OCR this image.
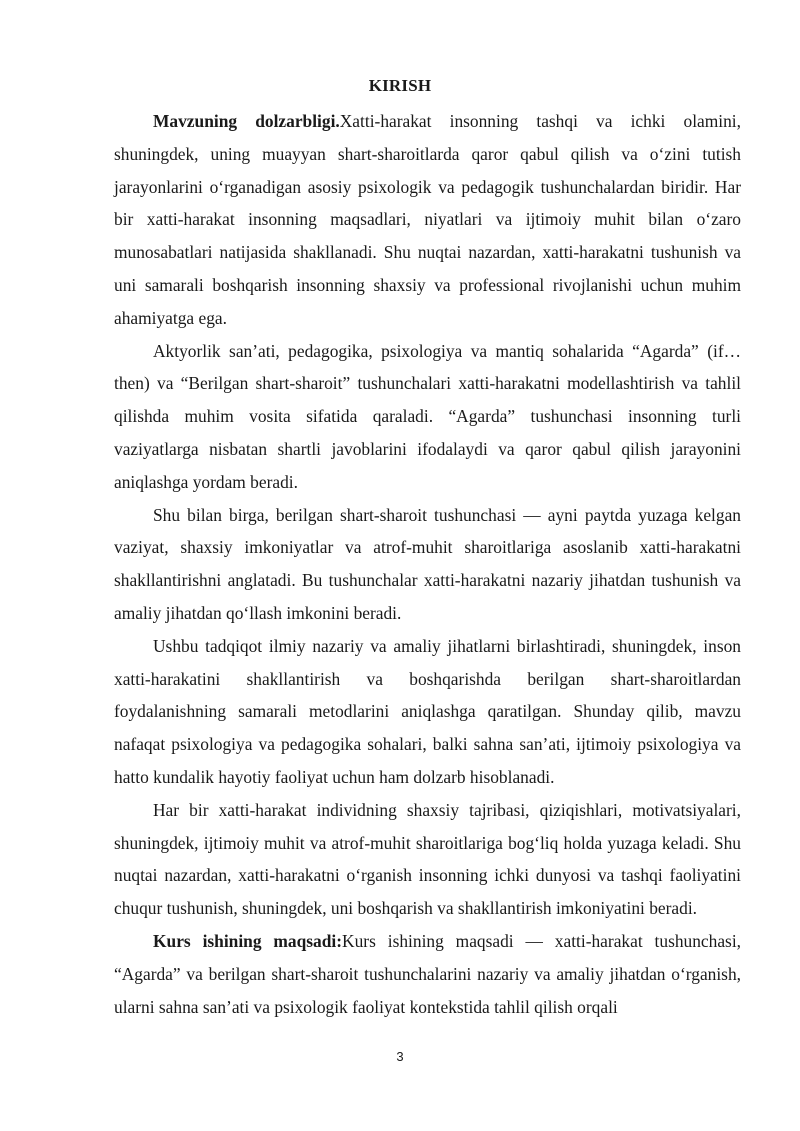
KIRISH

Mavzuning dolzarbligi.Xatti-harakat insonning tashqi va ichki olamini, shuningdek, uning muayyan shart-sharoitlarda qaror qabul qilish va o‘zini tutish jarayonlarini o‘rganadigan asosiy psixologik va pedagogik tushunchalardan biridir. Har bir xatti-harakat insonning maqsadlari, niyatlari va ijtimoiy muhit bilan o‘zaro munosabatlari natijasida shakllanadi. Shu nuqtai nazardan, xatti-harakatni tushunish va uni samarali boshqarish insonning shaxsiy va professional rivojlanishi uchun muhim ahamiyatga ega.

Aktyorlik san’ati, pedagogika, psixologiya va mantiq sohalarida “Agarda” (if… then) va “Berilgan shart-sharoit” tushunchalari xatti-harakatni modellashtirish va tahlil qilishda muhim vosita sifatida qaraladi. “Agarda” tushunchasi insonning turli vaziyatlarga nisbatan shartli javoblarini ifodalaydi va qaror qabul qilish jarayonini aniqlashga yordam beradi.

Shu bilan birga, berilgan shart-sharoit tushunchasi — ayni paytda yuzaga kelgan vaziyat, shaxsiy imkoniyatlar va atrof-muhit sharoitlariga asoslanib xatti-harakatni shakllantirishni anglatadi. Bu tushunchalar xatti-harakatni nazariy jihatdan tushunish va amaliy jihatdan qo‘llash imkonini beradi.

Ushbu tadqiqot ilmiy nazariy va amaliy jihatlarni birlashtiradi, shuningdek, inson xatti-harakatini shakllantirish va boshqarishda berilgan shart-sharoitlardan foydalanishning samarali metodlarini aniqlashga qaratilgan. Shunday qilib, mavzu nafaqat psixologiya va pedagogika sohalari, balki sahna san’ati, ijtimoiy psixologiya va hatto kundalik hayotiy faoliyat uchun ham dolzarb hisoblanadi.

Har bir xatti-harakat individning shaxsiy tajribasi, qiziqishlari, motivatsiyalari, shuningdek, ijtimoiy muhit va atrof-muhit sharoitlariga bog‘liq holda yuzaga keladi. Shu nuqtai nazardan, xatti-harakatni o‘rganish insonning ichki dunyosi va tashqi faoliyatini chuqur tushunish, shuningdek, uni boshqarish va shakllantirish imkoniyatini beradi.

Kurs ishining maqsadi:Kurs ishining maqsadi — xatti-harakat tushunchasi, “Agarda” va berilgan shart-sharoit tushunchalarini nazariy va amaliy jihatdan o‘rganish, ularni sahna san’ati va psixologik faoliyat kontekstida tahlil qilish orqali

3
